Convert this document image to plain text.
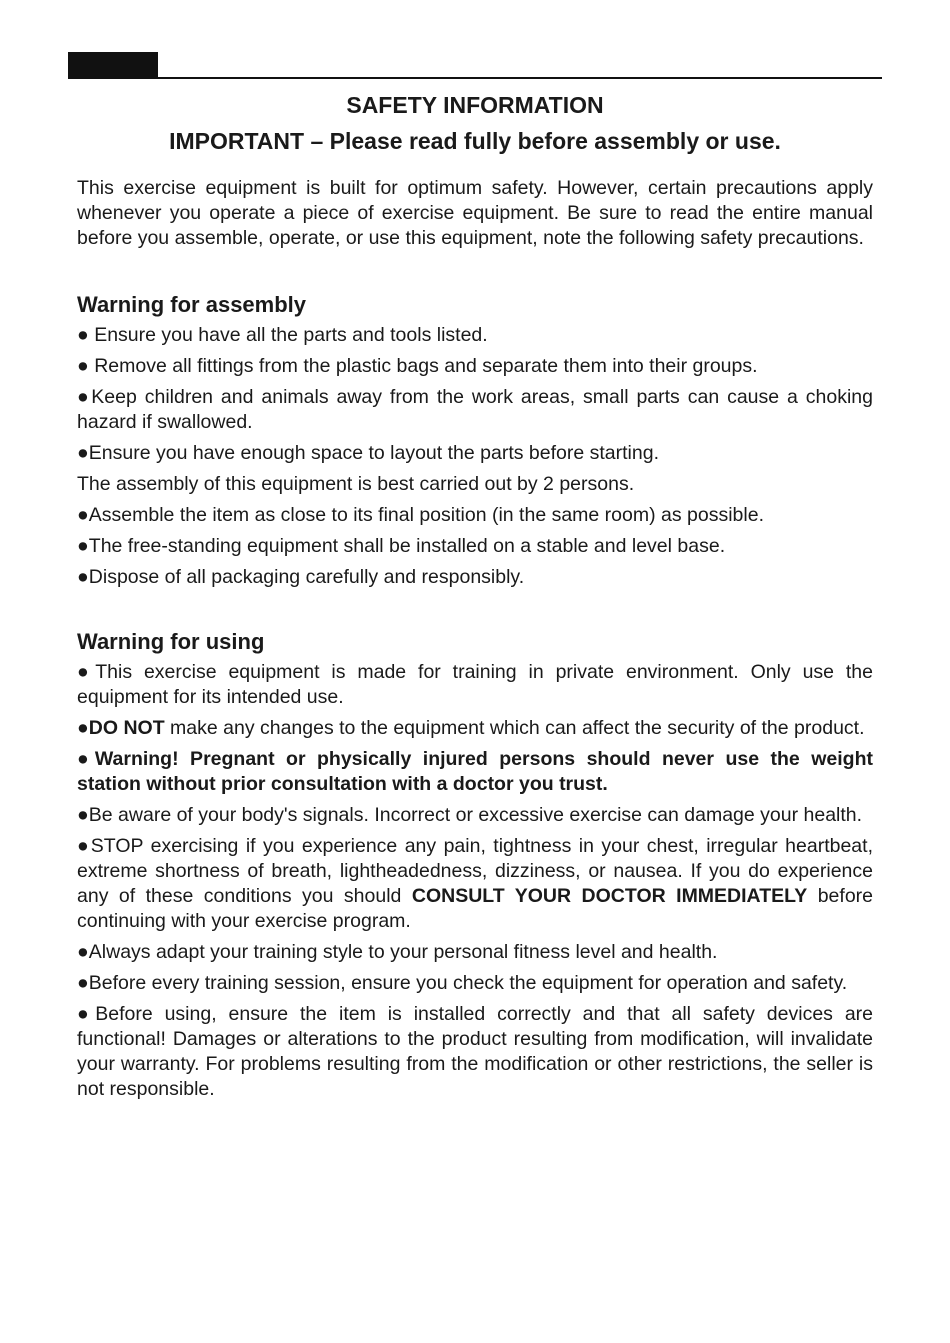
SAFETY INFORMATION
IMPORTANT – Please read fully before assembly or use.

This exercise equipment is built for optimum safety. However, certain precautions apply whenever you operate a piece of exercise equipment. Be sure to read the entire manual before you assemble, operate, or use this equipment, note the following safety precautions.

Warning for assembly

● Ensure you have all the parts and tools listed.

● Remove all fittings from the plastic bags and separate them into their groups.

●Keep children and animals away from the work areas, small parts can cause a choking hazard if swallowed.

●Ensure you have enough space to layout the parts before starting.

The assembly of this equipment is best carried out by 2 persons.

●Assemble the item as close to its final position (in the same room) as possible.

●The free-standing equipment shall be installed on a stable and level base.

●Dispose of all packaging carefully and responsibly.

Warning for using

●This exercise equipment is made for training in private environment. Only use the equipment for its intended use.

●DO NOT make any changes to the equipment which can affect the security of the product.

●Warning! Pregnant or physically injured persons should never use the weight station without prior consultation with a doctor you trust.

●Be aware of your body's signals. Incorrect or excessive exercise can damage your health.

●STOP exercising if you experience any pain, tightness in your chest, irregular heartbeat, extreme shortness of breath, lightheadedness, dizziness, or nausea. If you do experience any of these conditions you should CONSULT YOUR DOCTOR IMMEDIATELY before continuing with your exercise program.

●Always adapt your training style to your personal fitness level and health.

●Before every training session, ensure you check the equipment for operation and safety.

●Before using, ensure the item is installed correctly and that all safety devices are functional! Damages or alterations to the product resulting from modification, will invalidate your warranty. For problems resulting from the modification or other restrictions, the seller is not responsible.
